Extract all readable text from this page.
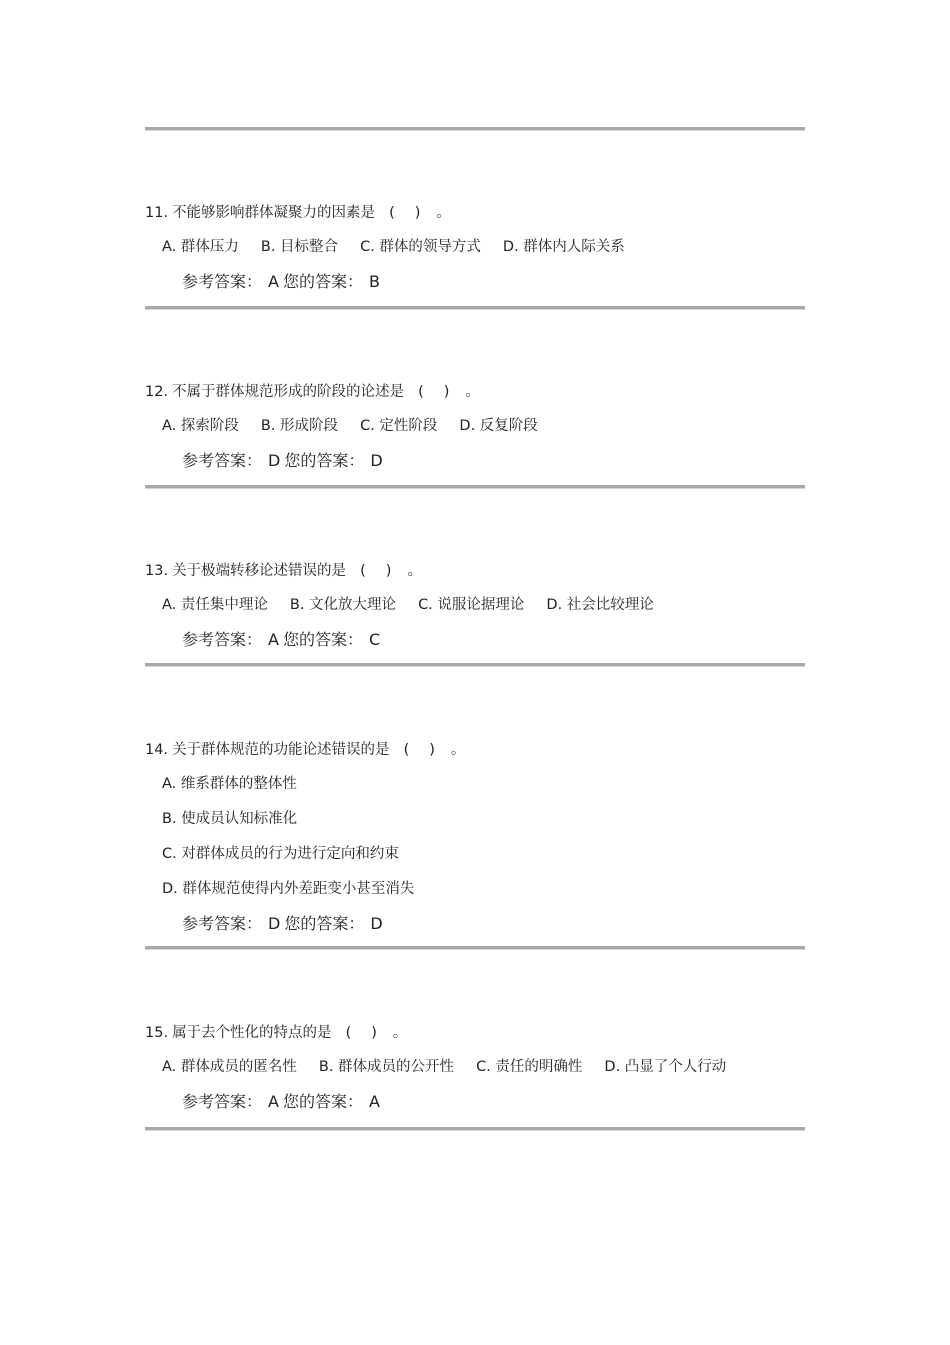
11. 不能够影响群体凝聚力的因素是 ( ) 。
A. 群体压力 B. 目标整合 C. 群体的领导方式 D. 群体内人际关系
参考答案： A 您的答案： B
12. 不属于群体规范形成的阶段的论述是 ( ) 。
A. 探索阶段 B. 形成阶段 C. 定性阶段 D. 反复阶段
参考答案： D 您的答案： D
13. 关于极端转移论述错误的是 ( ) 。
A. 责任集中理论 B. 文化放大理论 C. 说服论据理论 D. 社会比较理论
参考答案： A 您的答案： C
14. 关于群体规范的功能论述错误的是 ( ) 。
A. 维系群体的整体性
B. 使成员认知标准化
C. 对群体成员的行为进行定向和约束
D. 群体规范使得内外差距变小甚至消失
参考答案： D 您的答案： D
15. 属于去个性化的特点的是 ( ) 。
A. 群体成员的匿名性 B. 群体成员的公开性 C. 责任的明确性 D. 凸显了个人行动
参考答案： A 您的答案： A
